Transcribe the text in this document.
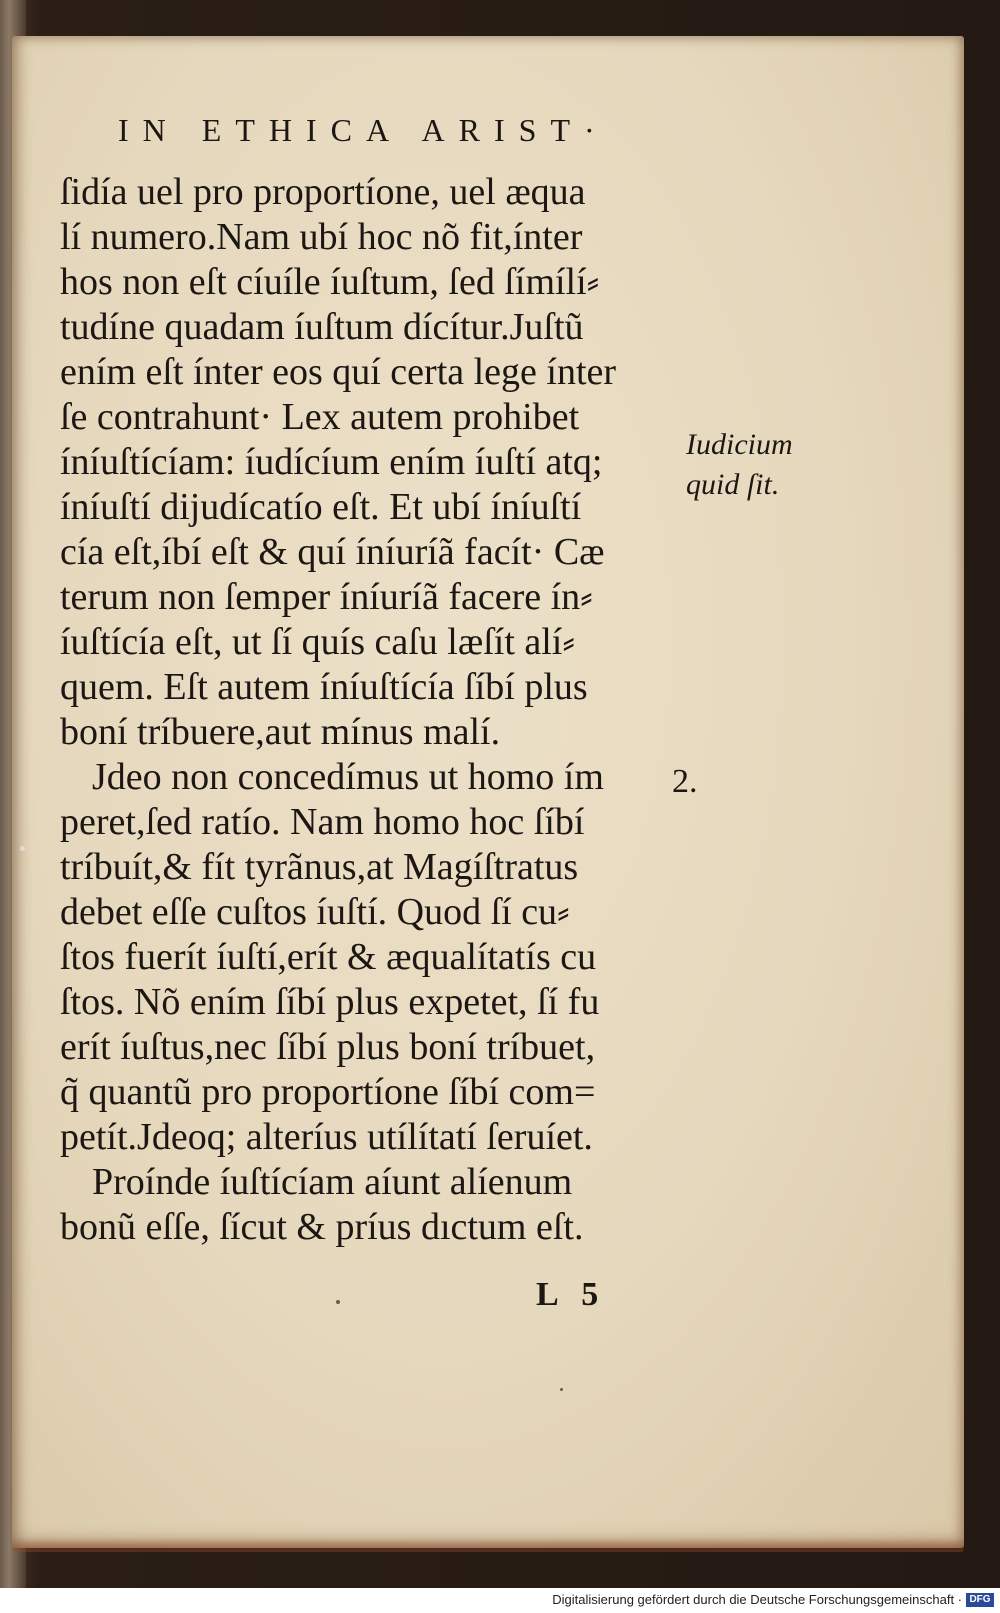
IN ETHICA ARIST·
ſidía uel pro proportíone, uel æqua
lí numero.Nam ubí hoc nõ fit,ínter
hos non eſt cíuíle íuſtum, ſed ſímílí⸗
tudíne quadam íuſtum dícítur.Juſtũ
ením eſt ínter eos quí certa lege ínter
ſe contrahunt· Lex autem prohibet
íníuſtícíam: íudícíum ením íuſtí atq;
íníuſtí dĳudícatío eſt. Et ubí íníuſtí
cía eſt,íbí eſt & quí íníuríã facít· Cæ
terum non ſemper íníuríã facere ín⸗
íuſtícía eſt, ut ſí quís caſu læſít alí⸗
quem. Eſt autem íníuſtícía ſíbí plus
boní tríbuere,aut mínus malí.
Jdeo non concedímus ut homo ím
peret,ſed ratío. Nam homo hoc ſíbí
tríbuít,& fít tyrãnus,at Magíſtratus
debet eſſe cuſtos íuſtí. Quod ſí cu⸗
ſtos fuerít íuſtí,erít & æqualítatís cu
ſtos. Nõ ením ſíbí plus expetet, ſí fu
erít íuſtus,nec ſíbí plus boní tríbuet,
q̃ quantũ pro proportíone ſíbí com=
petít.Jdeoq; alteríus utílítatí ſeruíet.
Proínde íuſtícíam aíunt alíenum
bonũ eſſe, ſícut & príus dıctum eſt.
Iudicium
quid ſit.
2.
L 5
Digitalisierung gefördert durch die Deutsche Forschungsgemeinschaft · DFG
